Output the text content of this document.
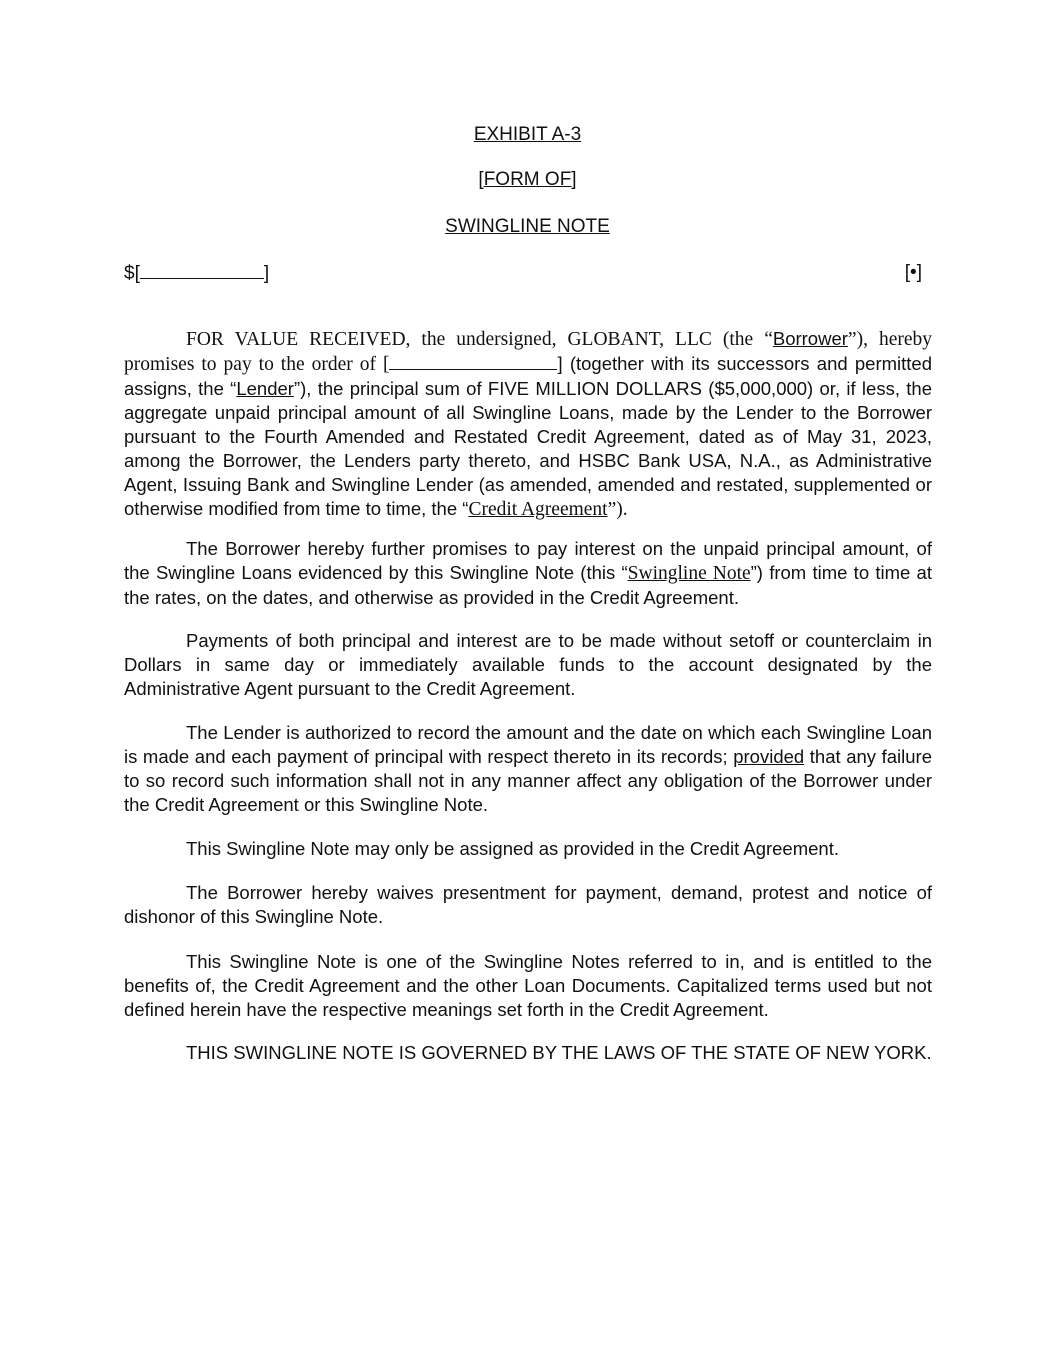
EXHIBIT A-3
[FORM OF]
SWINGLINE NOTE
$[	]	[•]

FOR VALUE RECEIVED, the undersigned, GLOBANT, LLC (the “Borrower”), hereby promises to pay to the order of [	] (together with its successors and permitted assigns, the “Lender”), the principal sum of FIVE MILLION DOLLARS ($5,000,000) or, if less, the aggregate unpaid principal amount of all Swingline Loans, made by the Lender to the Borrower pursuant to the Fourth Amended and Restated Credit Agreement, dated as of May 31, 2023, among the Borrower, the Lenders party thereto, and HSBC Bank USA, N.A., as Administrative Agent, Issuing Bank and Swingline Lender (as amended, amended and restated, supplemented or otherwise modified from time to time, the “Credit Agreement”).

The Borrower hereby further promises to pay interest on the unpaid principal amount, of the Swingline Loans evidenced by this Swingline Note (this “Swingline Note”) from time to time at the rates, on the dates, and otherwise as provided in the Credit Agreement.

Payments of both principal and interest are to be made without setoff or counterclaim in Dollars in same day or immediately available funds to the account designated by the Administrative Agent pursuant to the Credit Agreement.

The Lender is authorized to record the amount and the date on which each Swingline Loan is made and each payment of principal with respect thereto in its records; provided that any failure to so record such information shall not in any manner affect any obligation of the Borrower under the Credit Agreement or this Swingline Note.

This Swingline Note may only be assigned as provided in the Credit Agreement.

The Borrower hereby waives presentment for payment, demand, protest and notice of dishonor of this Swingline Note.

This Swingline Note is one of the Swingline Notes referred to in, and is entitled to the benefits of, the Credit Agreement and the other Loan Documents. Capitalized terms used but not defined herein have the respective meanings set forth in the Credit Agreement.

THIS SWINGLINE NOTE IS GOVERNED BY THE LAWS OF THE STATE OF NEW YORK.
